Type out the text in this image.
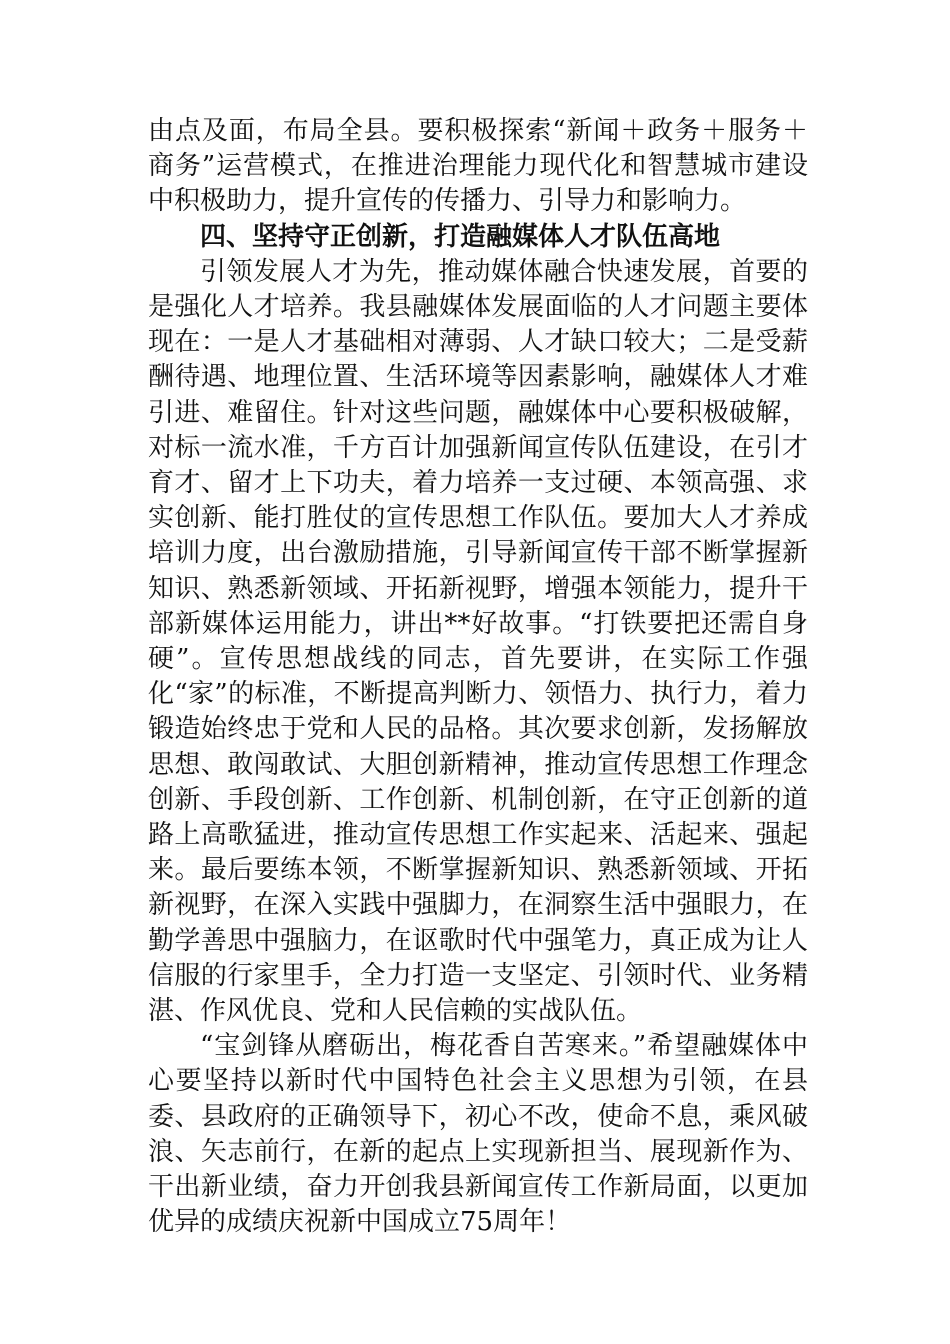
由点及面，布局全县。要积极探索“新闻＋政务＋服务＋商务”运营模式，在推进治理能力现代化和智慧城市建设中积极助力，提升宣传的传播力、引导力和影响力。

四、坚持守正创新，打造融媒体人才队伍高地

引领发展人才为先，推动媒体融合快速发展，首要的是强化人才培养。我县融媒体发展面临的人才问题主要体现在：一是人才基础相对薄弱、人才缺口较大；二是受薪酬待遇、地理位置、生活环境等因素影响，融媒体人才难引进、难留住。针对这些问题，融媒体中心要积极破解，对标一流水准，千方百计加强新闻宣传队伍建设，在引才育才、留才上下功夫，着力培养一支过硬、本领高强、求实创新、能打胜仗的宣传思想工作队伍。要加大人才养成培训力度，出台激励措施，引导新闻宣传干部不断掌握新知识、熟悉新领域、开拓新视野，增强本领能力，提升干部新媒体运用能力，讲出**好故事。“打铁要把还需自身硬”。宣传思想战线的同志，首先要讲，在实际工作强化“家”的标准，不断提高判断力、领悟力、执行力，着力锻造始终忠于党和人民的品格。其次要求创新，发扬解放思想、敢闯敢试、大胆创新精神，推动宣传思想工作理念创新、手段创新、工作创新、机制创新，在守正创新的道路上高歌猛进，推动宣传思想工作实起来、活起来、强起来。最后要练本领，不断掌握新知识、熟悉新领域、开拓新视野，在深入实践中强脚力，在洞察生活中强眼力，在勤学善思中强脑力，在讴歌时代中强笔力，真正成为让人信服的行家里手，全力打造一支坚定、引领时代、业务精湛、作风优良、党和人民信赖的实战队伍。

“宝剑锋从磨砺出，梅花香自苦寒来。”希望融媒体中心要坚持以新时代中国特色社会主义思想为引领，在县委、县政府的正确领导下，初心不改，使命不息，乘风破浪、矢志前行，在新的起点上实现新担当、展现新作为、干出新业绩，奋力开创我县新闻宣传工作新局面，以更加优异的成绩庆祝新中国成立75周年！
